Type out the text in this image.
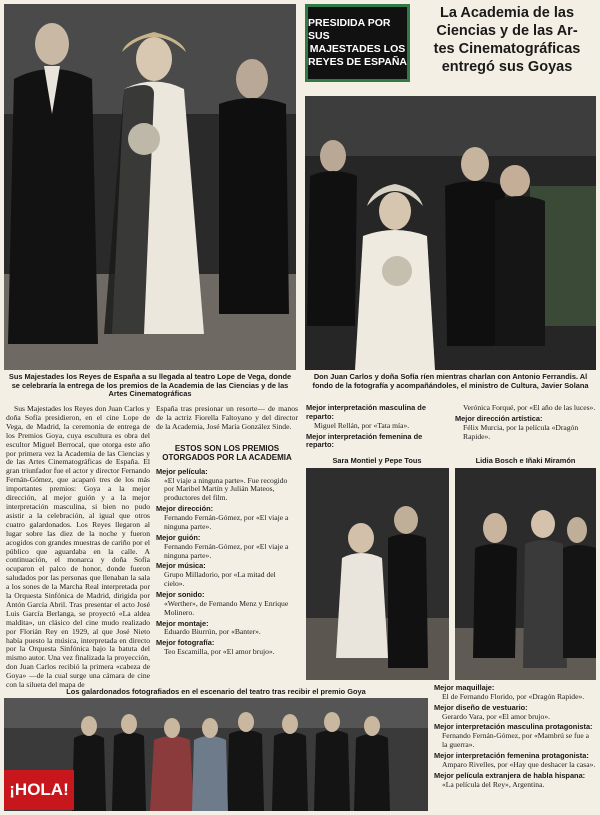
PRESIDIDA POR SUS
MAJESTADES LOS
REYES DE ESPAÑA
La Academia de las
Ciencias y de las Ar-
tes Cinematográficas
entregó sus Goyas
Sus Majestades los Reyes de España a su llegada al teatro Lope de Vega, donde se celebraría la entrega de los premios de la Academia de las Ciencias y de las Artes Cinematográficas
Don Juan Carlos y doña Sofía ríen mientras charlan con Antonio Ferrandis. Al fondo de la fotografía y acompañándoles, el ministro de Cultura, Javier Solana
Sus Majestades los Reyes don Juan Carlos y doña Sofía presidieron, en el cine Lope de Vega, de Madrid, la ceremonia de entrega de los Premios Goya, cuya escultura es obra del escultor Miguel Berrocal, que otorga este año por primera vez la Academia de las Ciencias y de las Artes Cinematográficas de España. El gran triunfador fue el actor y director Fernando Fernán-Gómez, que acaparó tres de los más importantes premios: Goya a la mejor dirección, al mejor guión y a la mejor interpretación masculina, si bien no pudo asistir a la celebración, al igual que otros cuatro galardonados. Los Reyes llegaron al lugar sobre las diez de la noche y fueron acogidos con grandes muestras de cariño por el público que aguardaba en la calle. A continuación, el monarca y doña Sofía ocuparon el palco de honor, donde fueron saludados por las personas que llenaban la sala a los sones de la Marcha Real interpretada por la Orquesta Sinfónica de Madrid, dirigida por Antón García Abril. Tras presentar el acto José Luis García Berlanga, se proyectó «La aldea maldita», un clásico del cine mudo realizado por Florián Rey en 1929, al que José Nieto había puesto la música, interpretada en directo por la Orquesta Sinfónica bajo la batuta del mismo autor. Una vez finalizada la proyección, don Juan Carlos recibió la primera «cabeza de Goya» —de la cual surge una cámara de cine con la silueta del mapa de
España tras presionar un resorte— de manos de la actriz Fiorella Faltoyano y del director de la Academia, José María González Sinde.
ESTOS SON LOS PREMIOS OTORGADOS POR LA ACADEMIA
Mejor película:
«El viaje a ninguna parte». Fue recogido por Maribel Martín y Julián Mateos, productores del film.
Mejor dirección:
Fernando Fernán-Gómez, por «El viaje a ninguna parte».
Mejor guión:
Fernando Fernán-Gómez, por «El viaje a ninguna parte».
Mejor música:
Grupo Milladorio, por «La mitad del cielo».
Mejor sonido:
«Werther», de Fernando Menz y Enrique Molinero.
Mejor montaje:
Eduardo Biurrún, por «Banter».
Mejor fotografía:
Teo Escamilla, por «El amor brujo».
Mejor interpretación masculina de reparto:
Miguel Rellán, por «Tata mía».
Mejor interpretación femenina de reparto:
Verónica Forqué, por «El año de las luces».
Mejor dirección artística:
Félix Murcia, por la película «Dragón Rapide».
Sara Montiel y Pepe Tous	Lidia Bosch e Iñaki Miramón
Los galardonados fotografiados en el escenario del teatro tras recibir el premio Goya
¡HOLA!
Mejor maquillaje:
El de Fernando Florido, por «Dragón Rapide».
Mejor diseño de vestuario:
Gerardo Vara, por «El amor brujo».
Mejor interpretación masculina protagonista:
Fernando Fernán-Gómez, por «Mambrú se fue a la guerra».
Mejor interpretación femenina protagonista:
Amparo Rivelles, por «Hay que deshacer la casa».
Mejor película extranjera de habla hispana:
«La película del Rey», Argentina.
